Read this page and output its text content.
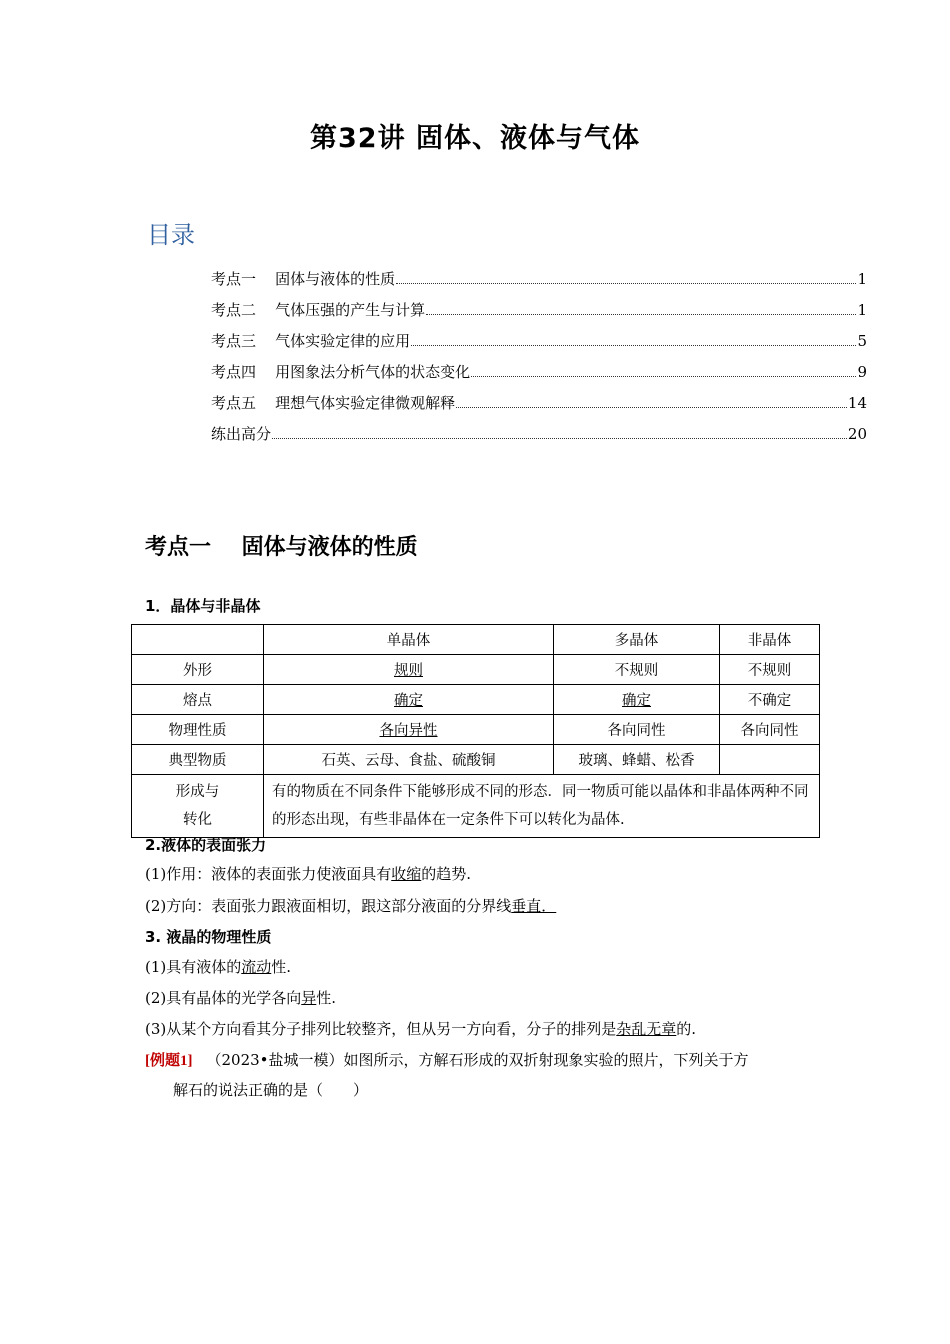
第32讲 固体、液体与气体
目录
考点一    固体与液体的性质	1
考点二    气体压强的产生与计算	1
考点三    气体实验定律的应用	5
考点四    用图象法分析气体的状态变化	9
考点五    理想气体实验定律微观解释	14
练出高分	20
考点一    固体与液体的性质
1．晶体与非晶体
	单晶体	多晶体	非晶体
外形	规则	不规则	不规则
熔点	确定	确定	不确定
物理性质	各向异性	各向同性	各向同性
典型物质	石英、云母、食盐、硫酸铜	玻璃、蜂蜡、松香	

形成与
转化	有的物质在不同条件下能够形成不同的形态．同一物质可能以晶体和非晶体两种不同的形态出现，有些非晶体在一定条件下可以转化为晶体.		
2.液体的表面张力
(1)作用：液体的表面张力使液面具有收缩的趋势.
(2)方向：表面张力跟液面相切，跟这部分液面的分界线垂直．
3. 液晶的物理性质
(1)具有液体的流动性.
(2)具有晶体的光学各向异性.
(3)从某个方向看其分子排列比较整齐，但从另一方向看，分子的排列是杂乱无章的.
[例题1] （2023•盐城一模）如图所示，方解石形成的双折射现象实验的照片，下列关于方
解石的说法正确的是（　　）
